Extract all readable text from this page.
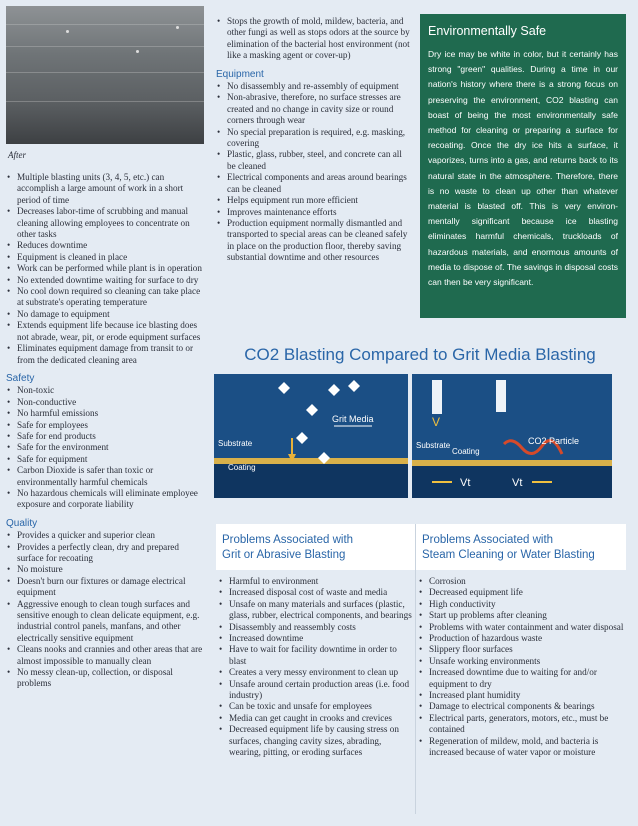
After
• Multiple blasting units (3, 4, 5, etc.) can accomplish a large amount of work in a short period of time
• Decreases labor-time of scrubbing and manual cleaning allowing employees to concentrate on other tasks
• Reduces downtime
• Equipment is cleaned in place
• Work can be performed while plant is in operation
• No extended downtime waiting for surface to dry
• No cool down required so cleaning can take place at substrate's operating temperature
• No damage to equipment
• Extends equipment life because ice blasting does not abrade, wear, pit, or erode equipment surfaces
• Eliminates equipment damage from transit to or from the dedicated cleaning area
Safety
• Non-toxic
• Non-conductive
• No harmful emissions
• Safe for employees
• Safe for end products
• Safe for the environment
• Safe for equipment
• Carbon Dioxide is safer than toxic or environmentally harmful chemicals
• No hazardous chemicals will eliminate employee exposure and corporate liability
Quality
• Provides a quicker and superior clean
• Provides a perfectly clean, dry and prepared surface for recoating
• No moisture
• Doesn't burn our fixtures or damage electrical equipment
• Aggressive enough to clean tough surfaces and sensitive enough to clean delicate equipment, e.g. industrial control panels, manfans, and other electrically sensitive equipment
• Cleans nooks and crannies and other areas that are almost impossible to manually clean
• No messy clean-up, collection, or disposal problems
• Stops the growth of mold, mildew, bacteria, and other fungi as well as stops odors at the source by elimination of the bacterial host environment (not like a masking agent or cover-up)
Equipment
• No disassembly and re-assembly of equipment
• Non-abrasive, therefore, no surface stresses are created and no change in cavity size or round corners through wear
• No special preparation is required, e.g. masking, covering
• Plastic, glass, rubber, steel, and concrete can all be cleaned
• Electrical components and areas around bearings can be cleaned
• Helps equipment run more efficient
• Improves maintenance efforts
• Production equipment normally dismantled and transported to special areas can be cleaned safely in place on the production floor, thereby saving substantial downtime and other resources
Environmentally Safe

Dry ice may be white in color, but it certainly has strong "green" qualities. During a time in our nation's history where there is a strong focus on preserving the environment, CO2 blasting can boast of being the most environmentally safe method for cleaning or preparing a surface for recoating. Once the dry ice hits a surface, it vaporizes, turns into a gas, and returns back to its natural state in the atmosphere. Therefore, there is no waste to clean up other than whatever material is blasted off. This is very environ-mentally significant because ice blasting eliminates harmful chemicals, truckloads of hazardous materials, and enormous amounts of media to dispose of. The savings in disposal costs can then be very significant.

CO2 Blasting Compared to Grit Media Blasting
Grit Media
Substrate
Coating
V
CO2 Particle
Substrate
Coating
Vt	Vt
Problems Associated with
Grit or Abrasive Blasting
Problems Associated with
Steam Cleaning or Water Blasting
• Harmful to environment
• Increased disposal cost of waste and media
• Unsafe on many materials and surfaces (plastic, glass, rubber, electrical components, and bearings
• Disassembly and reassembly costs
• Increased downtime
• Have to wait for facility downtime in order to blast
• Creates a very messy environment to clean up
• Unsafe around certain production areas (i.e. food industry)
• Can be toxic and unsafe for employees
• Media can get caught in crooks and crevices
• Decreased equipment life by causing stress on surfaces, changing cavity sizes, abrading, wearing, pitting, or eroding surfaces
• Corrosion
• Decreased equipment life
• High conductivity
• Start up problems after cleaning
• Problems with water containment and water disposal
• Production of hazardous waste
• Slippery floor surfaces
• Unsafe working environments
• Increased downtime due to waiting for and/or equipment to dry
• Increased plant humidity
• Damage to electrical components & bearings
• Electrical parts, generators, motors, etc., must be contained
• Regeneration of mildew, mold, and bacteria is increased because of water vapor or moisture
